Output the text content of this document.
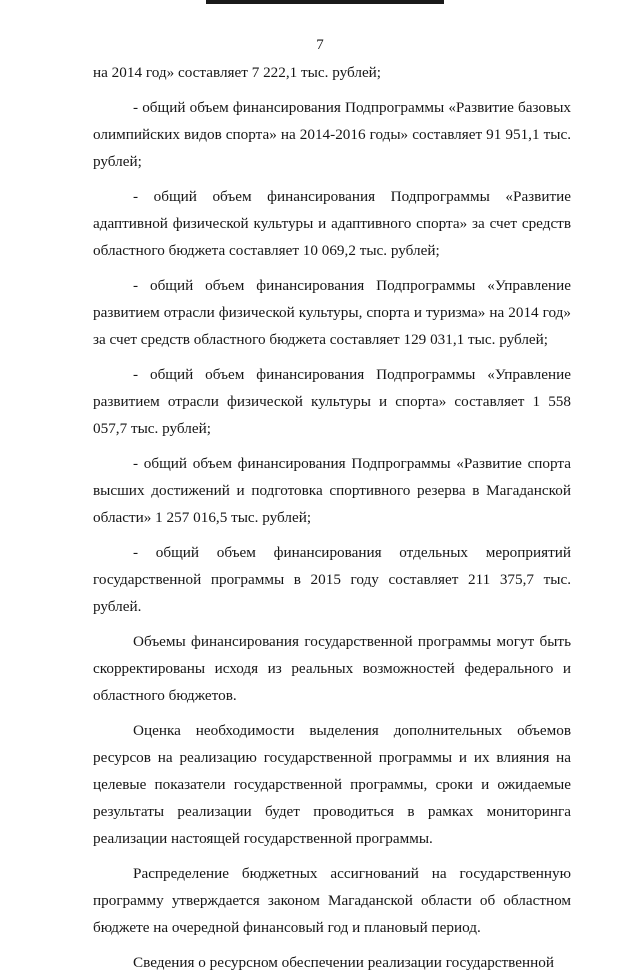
7

на 2014 год» составляет 7 222,1 тыс. рублей;

- общий объем финансирования Подпрограммы «Развитие базовых олимпийских видов спорта» на 2014-2016 годы» составляет 91 951,1 тыс. рублей;

- общий объем финансирования Подпрограммы «Развитие адаптивной физической культуры и адаптивного спорта» за счет средств областного бюджета составляет 10 069,2 тыс. рублей;

- общий объем финансирования Подпрограммы «Управление развитием отрасли физической культуры, спорта и туризма» на 2014 год» за счет средств областного бюджета составляет 129 031,1 тыс. рублей;

- общий объем финансирования Подпрограммы «Управление развитием отрасли физической культуры и спорта» составляет 1 558 057,7 тыс. рублей;

- общий объем финансирования Подпрограммы «Развитие спорта высших достижений и подготовка спортивного резерва в Магаданской области» 1 257 016,5 тыс. рублей;

- общий объем финансирования отдельных мероприятий государственной программы в 2015 году составляет 211 375,7 тыс. рублей.

Объемы финансирования государственной программы могут быть скорректированы исходя из реальных возможностей федерального и областного бюджетов.

Оценка необходимости выделения дополнительных объемов ресурсов на реализацию государственной программы и их влияния на целевые показатели государственной программы, сроки и ожидаемые результаты реализации будет проводиться в рамках мониторинга реализации настоящей государственной программы.

Распределение бюджетных ассигнований на государственную программу утверждается законом Магаданской области об областном бюджете на очередной финансовый год и плановый период.

Сведения о ресурсном обеспечении реализации государственной
